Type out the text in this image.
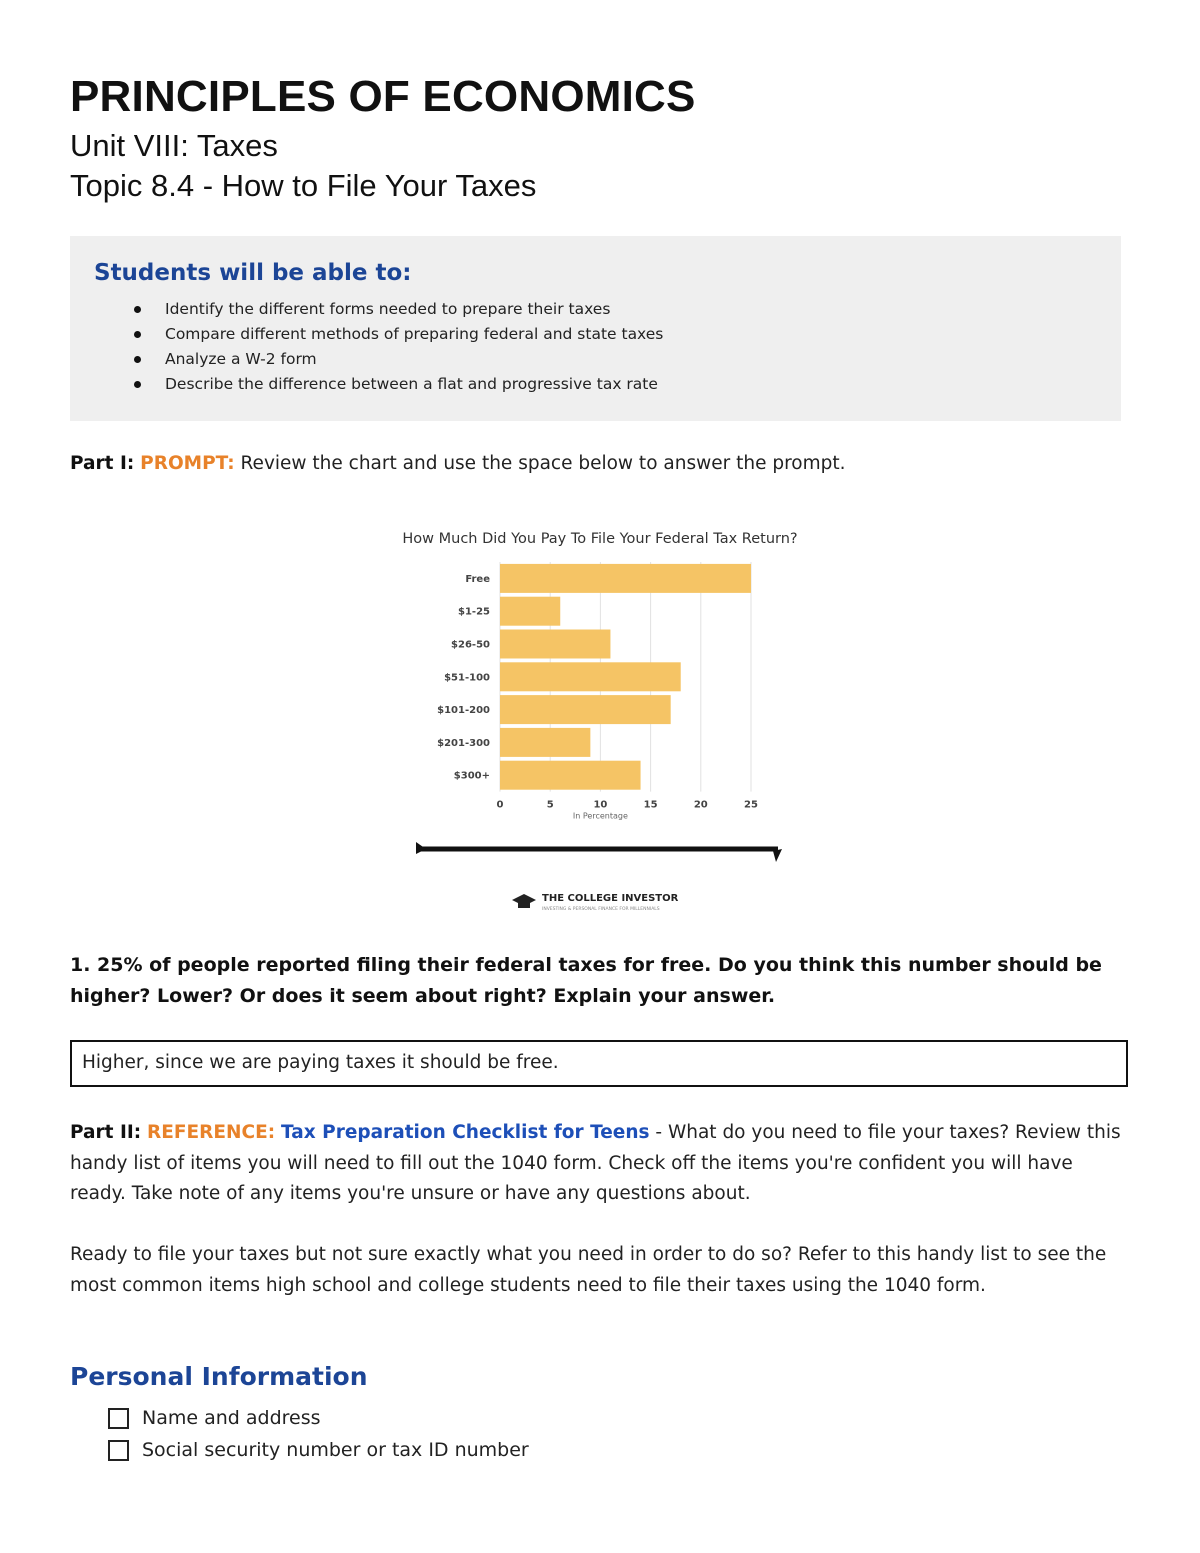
PRINCIPLES OF ECONOMICS
Unit VIII: Taxes
Topic 8.4 - How to File Your Taxes
Students will be able to:
Identify the different forms needed to prepare their taxes
Compare different methods of preparing federal and state taxes
Analyze a W-2 form
Describe the difference between a flat and progressive tax rate

Part I: PROMPT: Review the chart and use the space below to answer the prompt.

How Much Did You Pay To File Your Federal Tax Return?
0	5	10	15	20	25
Free
$1-25
$26-50
$51-100
$101-200
$201-300
$300+
In Percentage
THE COLLEGE INVESTOR
INVESTING & PERSONAL FINANCE FOR MILLENNIALS

1. 25% of people reported filing their federal taxes for free. Do you think this number should be higher? Lower? Or does it seem about right? Explain your answer.

Higher, since we are paying taxes it should be free.

Part II: REFERENCE: Tax Preparation Checklist for Teens - What do you need to file your taxes? Review this handy list of items you will need to fill out the 1040 form. Check off the items you're confident you will have ready. Take note of any items you're unsure or have any questions about.

Ready to file your taxes but not sure exactly what you need in order to do so? Refer to this handy list to see the most common items high school and college students need to file their taxes using the 1040 form.

Personal Information
Name and address
Social security number or tax ID number
